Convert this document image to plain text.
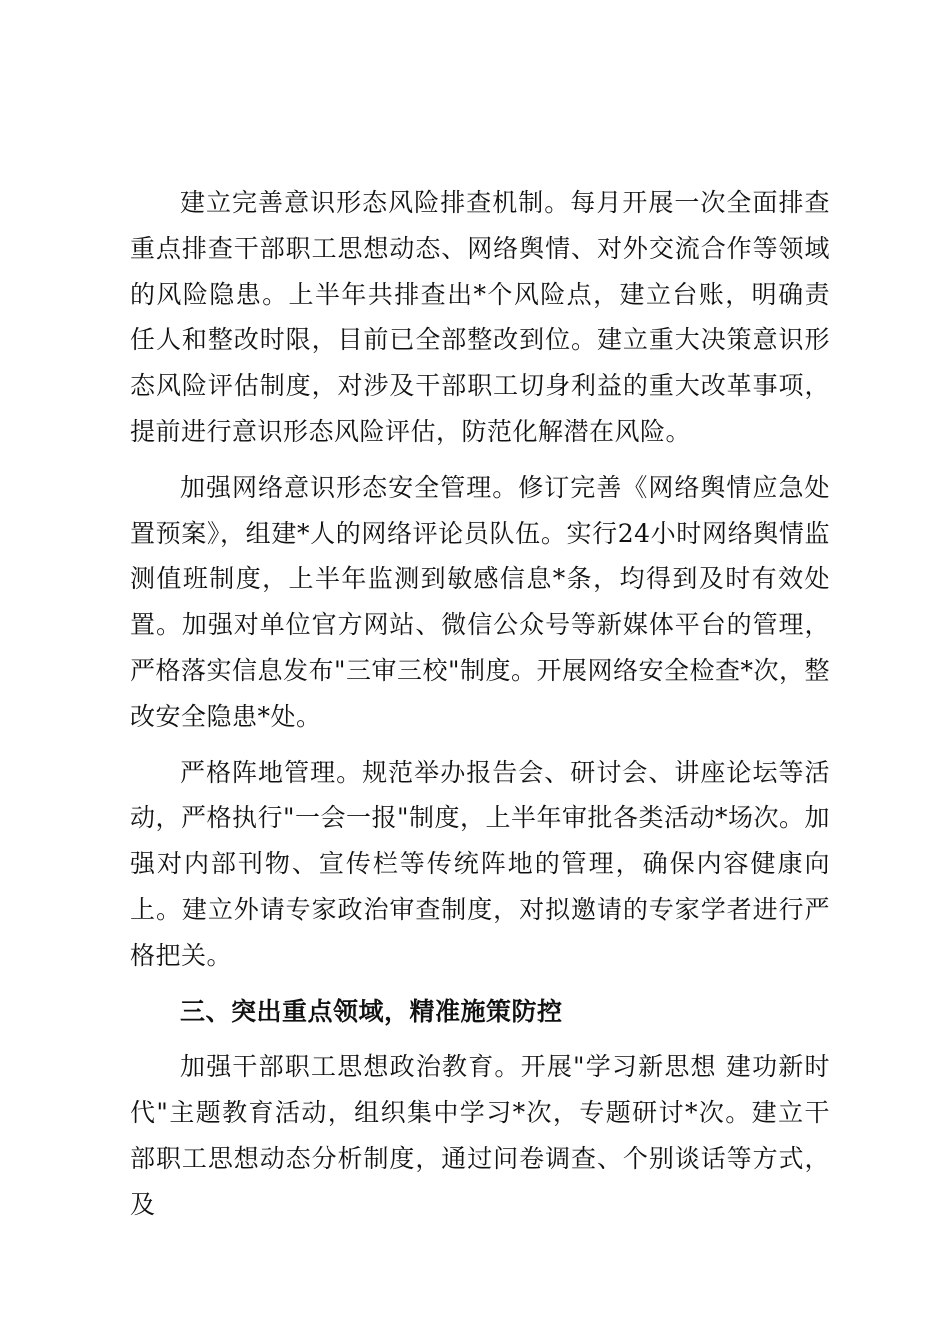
建立完善意识形态风险排查机制。每月开展一次全面排查重点排查干部职工思想动态、网络舆情、对外交流合作等领域的风险隐患。上半年共排查出*个风险点，建立台账，明确责任人和整改时限，目前已全部整改到位。建立重大决策意识形态风险评估制度，对涉及干部职工切身利益的重大改革事项，提前进行意识形态风险评估，防范化解潜在风险。

加强网络意识形态安全管理。修订完善《网络舆情应急处置预案》，组建*人的网络评论员队伍。实行24小时网络舆情监测值班制度，上半年监测到敏感信息*条，均得到及时有效处置。加强对单位官方网站、微信公众号等新媒体平台的管理，严格落实信息发布"三审三校"制度。开展网络安全检查*次，整改安全隐患*处。

严格阵地管理。规范举办报告会、研讨会、讲座论坛等活动，严格执行"一会一报"制度，上半年审批各类活动*场次。加强对内部刊物、宣传栏等传统阵地的管理，确保内容健康向上。建立外请专家政治审查制度，对拟邀请的专家学者进行严格把关。

三、突出重点领域，精准施策防控

加强干部职工思想政治教育。开展"学习新思想 建功新时代"主题教育活动，组织集中学习*次，专题研讨*次。建立干部职工思想动态分析制度，通过问卷调查、个别谈话等方式，及
